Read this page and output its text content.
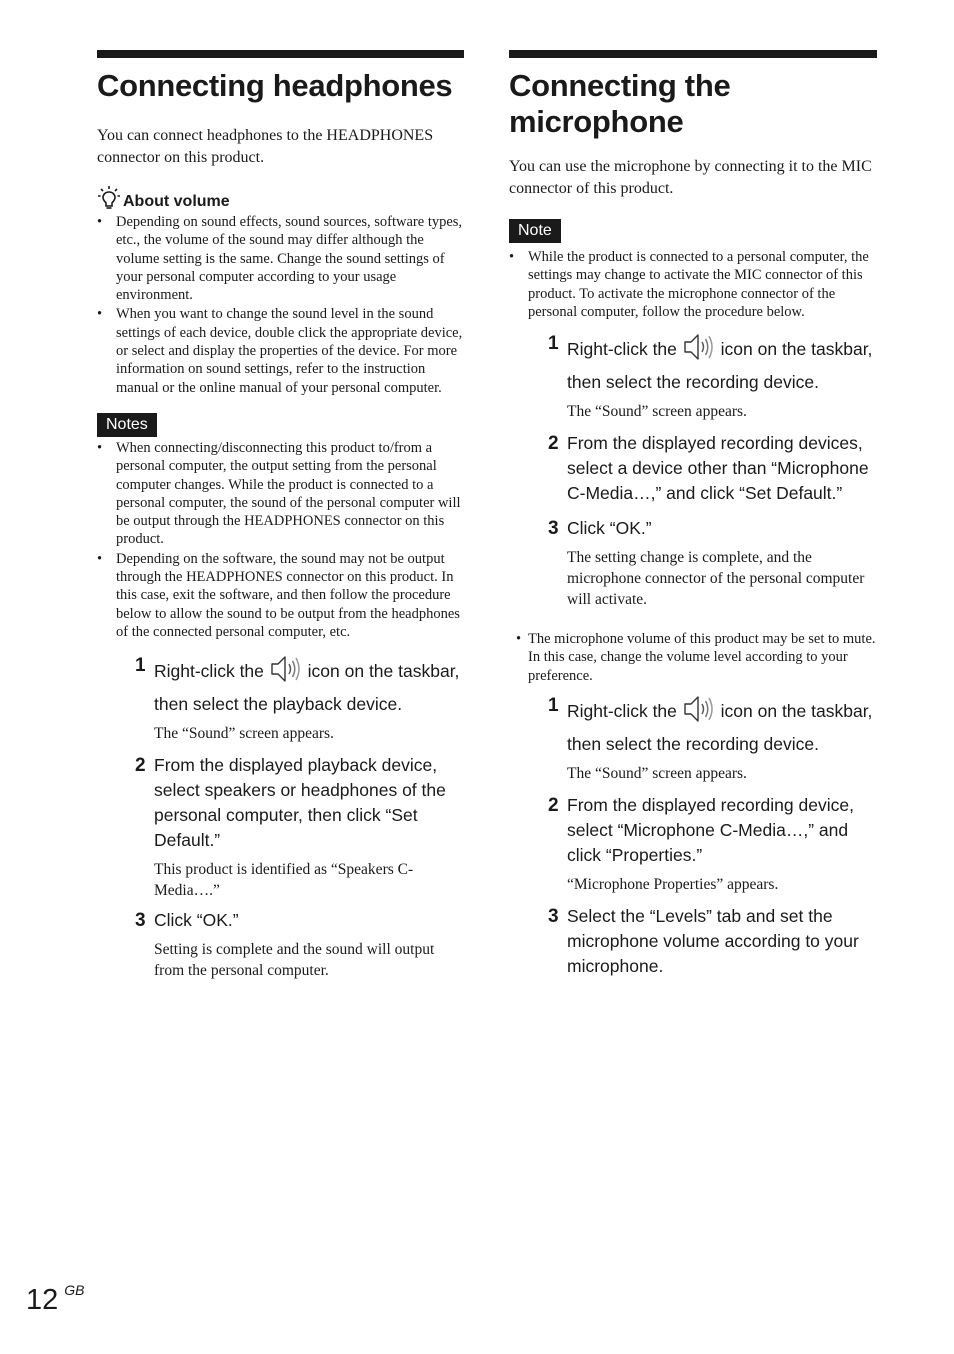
Connecting headphones

You can connect headphones to the HEADPHONES connector on this product.

About volume
• Depending on sound effects, sound sources, software types, etc., the volume of the sound may differ although the volume setting is the same. Change the sound settings of your personal computer according to your usage environment.
• When you want to change the sound level in the sound settings of each device, double click the appropriate device, or select and display the properties of the device. For more information on sound settings, refer to the instruction manual or the online manual of your personal computer.
Notes
• When connecting/disconnecting this product to/from a personal computer, the output setting from the personal computer changes. While the product is connected to a personal computer, the sound of the personal computer will be output through the HEADPHONES connector on this product.
• Depending on the software, the sound may not be output through the HEADPHONES connector on this product. In this case, exit the software, and then follow the procedure below to allow the sound to be output from the headphones of the connected personal computer, etc.
1 Right-click the	icon on the taskbar, then select the playback device.
The “Sound” screen appears.
2 From the displayed playback device, select speakers or headphones of the personal computer, then click “Set Default.”
This product is identified as “Speakers C-Media….”
3 Click “OK.”
Setting is complete and the sound will output from the personal computer.
Connecting the microphone

You can use the microphone by connecting it to the MIC connector of this product.

Note
• While the product is connected to a personal computer, the settings may change to activate the MIC connector of this product. To activate the microphone connector of the personal computer, follow the procedure below.
1 Right-click the	icon on the taskbar, then select the recording device.
The “Sound” screen appears.
2 From the displayed recording devices, select a device other than “Microphone C-Media…,” and click “Set Default.”
3 Click “OK.”
The setting change is complete, and the microphone connector of the personal computer will activate.
• The microphone volume of this product may be set to mute. In this case, change the volume level according to your preference.
1 Right-click the	icon on the taskbar, then select the recording device.
The “Sound” screen appears.
2 From the displayed recording device, select “Microphone C-Media…,” and click “Properties.”
“Microphone Properties” appears.
3 Select the “Levels” tab and set the microphone volume according to your microphone.
12 GB
